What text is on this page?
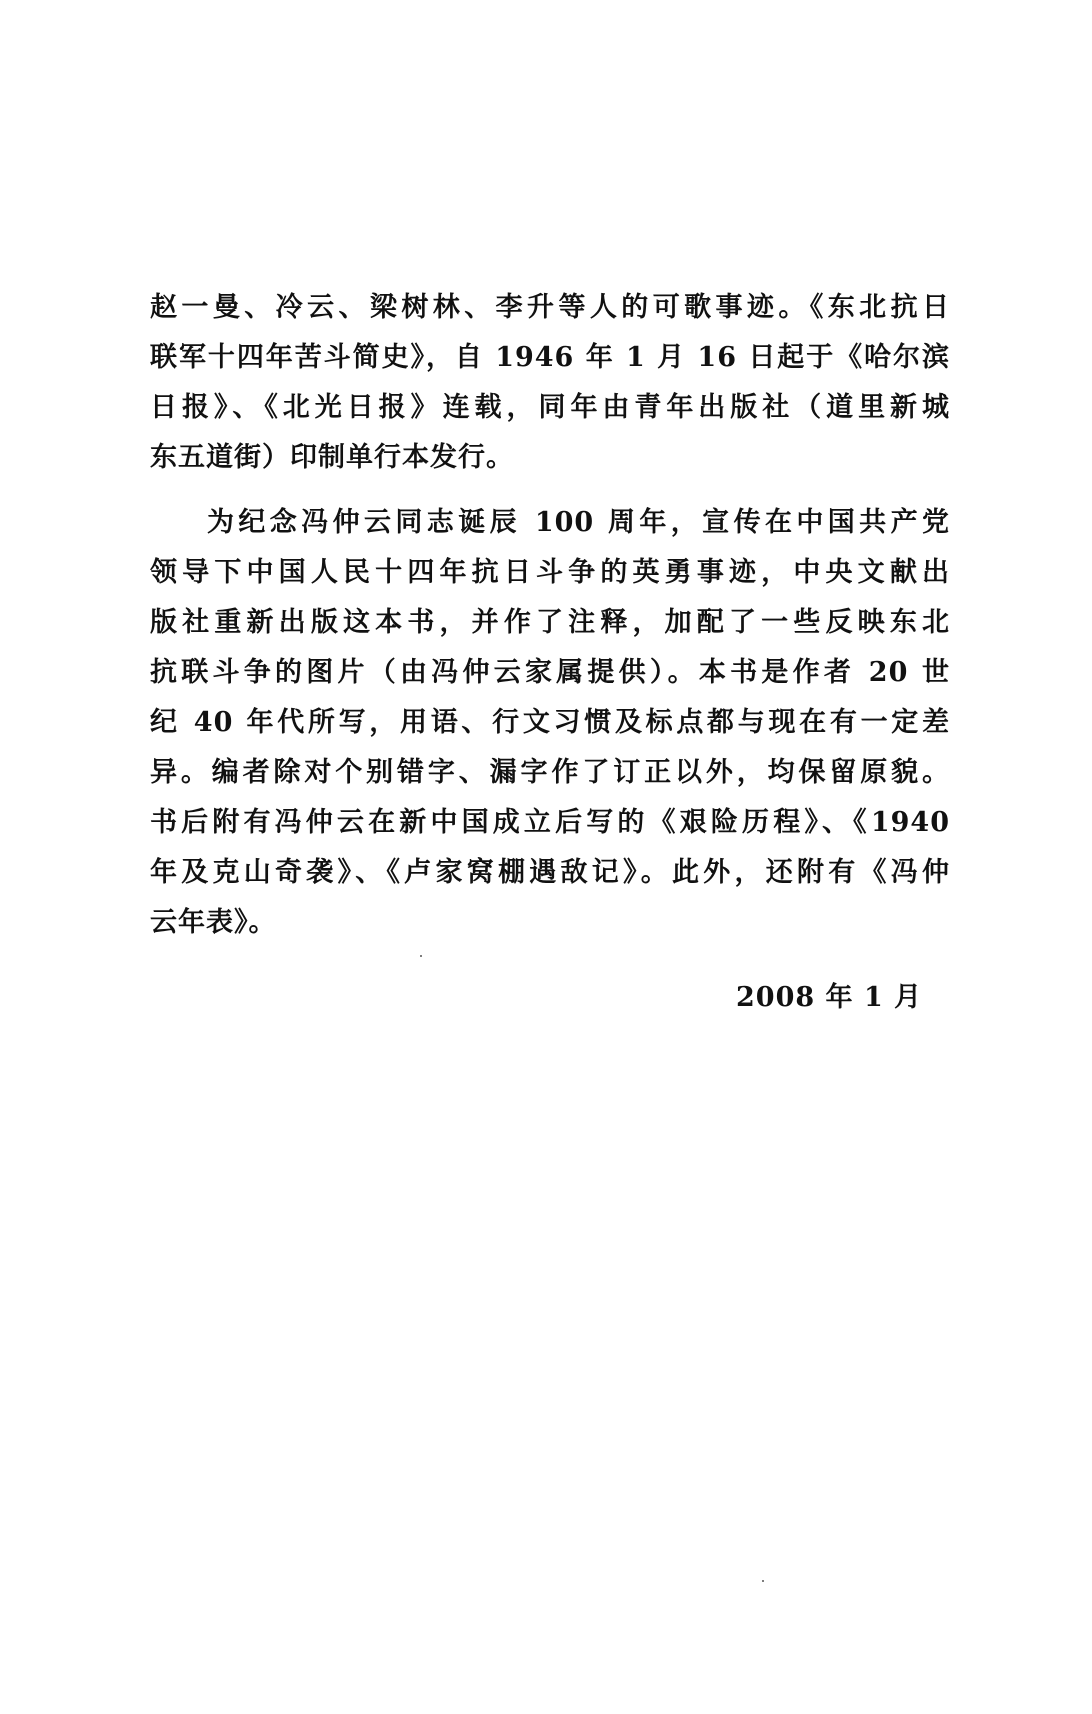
赵一曼、冷云、梁树林、李升等人的可歌事迹。《东北抗日
联军十四年苦斗简史》，自 1946 年 1 月 16 日起于《哈尔滨
日报》、《北光日报》连载，同年由青年出版社（道里新城
东五道街）印制单行本发行。
为纪念冯仲云同志诞辰 100 周年，宣传在中国共产党
领导下中国人民十四年抗日斗争的英勇事迹，中央文献出
版社重新出版这本书，并作了注释，加配了一些反映东北
抗联斗争的图片（由冯仲云家属提供）。本书是作者 20 世
纪 40 年代所写，用语、行文习惯及标点都与现在有一定差
异。编者除对个别错字、漏字作了订正以外，均保留原貌。
书后附有冯仲云在新中国成立后写的《艰险历程》、《1940
年及克山奇袭》、《卢家窝棚遇敌记》。此外，还附有《冯仲
云年表》。
2008 年 1 月
